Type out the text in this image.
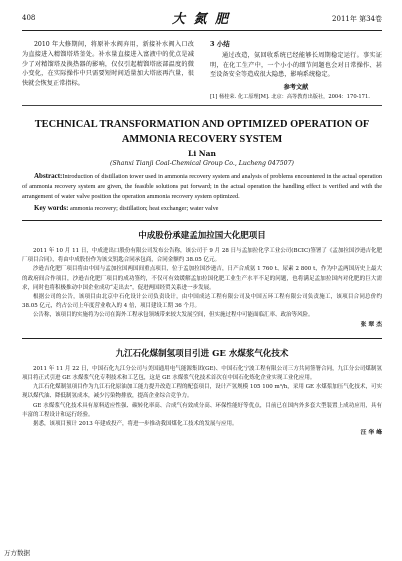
408	大 氮 肥	2011年 第34卷

2010 年大修期间，将原补水阀弃用，新接补水阀入口改为直接进入精馏塔塔釜处。补水量直接进入富液中的优点是减少了对精馏塔及换热器的影响，仅仅引起精馏塔底部温度的微小变化，在实际操作中只需要短时间适量加大塔底再汽量，很快就会恢复正常指标。

3 小结

通过改造，氨回收系统已经能够长周期稳定运行。事实证明，在化工生产中，一个小小的细节问题也会对日常操作、甚至设备安全等造成很大隐患，影响系统稳定。

参考文献
[1] 杨桂荣. 化工原理[M]. 北京：高等教育出版社，2004：170-171.
TECHNICAL TRANSFORMATION AND OPTIMIZED OPERATION OF
AMMONIA RECOVERY SYSTEM
Li Nan
(Shanxi Tianji Coal-Chemical Group Co., Lucheng 047507)
Abstract:Introduction of distillation tower used in ammonia recovery system and analysis of problems encountered in the actual operation of ammonia recovery system are given, the feasible solutions put forward; in the actual operation the handling effect is verified and with the arrangement of water valve position the operation ammonia recovery system optimized.
Key words: ammonia recovery; distillation; heat exchanger; water valve
中成股份承建孟加拉国大化肥项目

2011 年 10 月 11 日，中成进出口股份有限公司发布公告称，该公司于 9 月 28 日与孟加拉化学工业公司(BCIC)签署了《孟加拉国沙逊吉化肥厂项目合同》，将由中成股份作为该交钥匙合同承包商，合同金额约 38.05 亿元。

沙逊吉化肥厂项目将由中国与孟加拉国两国间重点项目，位于孟加拉国沙逊吉，日产合成氨 1 760 t、尿素 2 800 t，作为中孟两国历史上最大的政府间合作项目，沙逊吉化肥厂项目的成功签约，不仅可有效缓解孟加拉国化肥工业生产水平不足的问题，也将满足孟加拉国内对化肥的巨大需求，同时也将积极推动中国企业成功“走出去”，促进两国经贸关系进一步发展。

根据公司的公告，该项目由北京中石化设计公司负责设计，由中国成达工程有限公司及中国五环工程有限公司负责施工，该项目合同总价约 38.05 亿元，约占公司上年度营业收入的 4 倍，项目建设工期 36 个月。

公告称，该项目的实施将为公司在海外工程承包领域带来较大发展空间，但实施过程中可能面临汇率、政治等风险。

张 翠 杰
九江石化煤制氢项目引进 GE 水煤浆气化技术

2011 年 11 月 22 日，中国石化九江分公司与美国通用电气能源集团(GE)、中国石化宁波工程有限公司三方共同签署合同，九江分公司煤制氢项目将正式引进 GE 水煤浆气化专利技术和工艺包，这是 GE 水煤浆气化技术首次在中国石化炼化企业实现工业化应用。

九江石化煤制氢项目作为九江石化原油加工能力提升改造工程的配套项目，设计产氢规模 105 100 m³/h，采用 GE 水煤浆加压气化技术，可实现以煤代油、降低制氢成本，减少污染物排放，提高企业综合竞争力。

GE 水煤浆气化技术具有原料适应性强、碳转化率高、合成气有效成分高、环保性能好等优点，目前已在国内外多套大型装置上成功应用，具有丰富的工程设计和运行经验。

据悉，该项目预计 2013 年建成投产，将进一步推动我国煤化工技术的发展与应用。

汪 华 峰
万方数据
